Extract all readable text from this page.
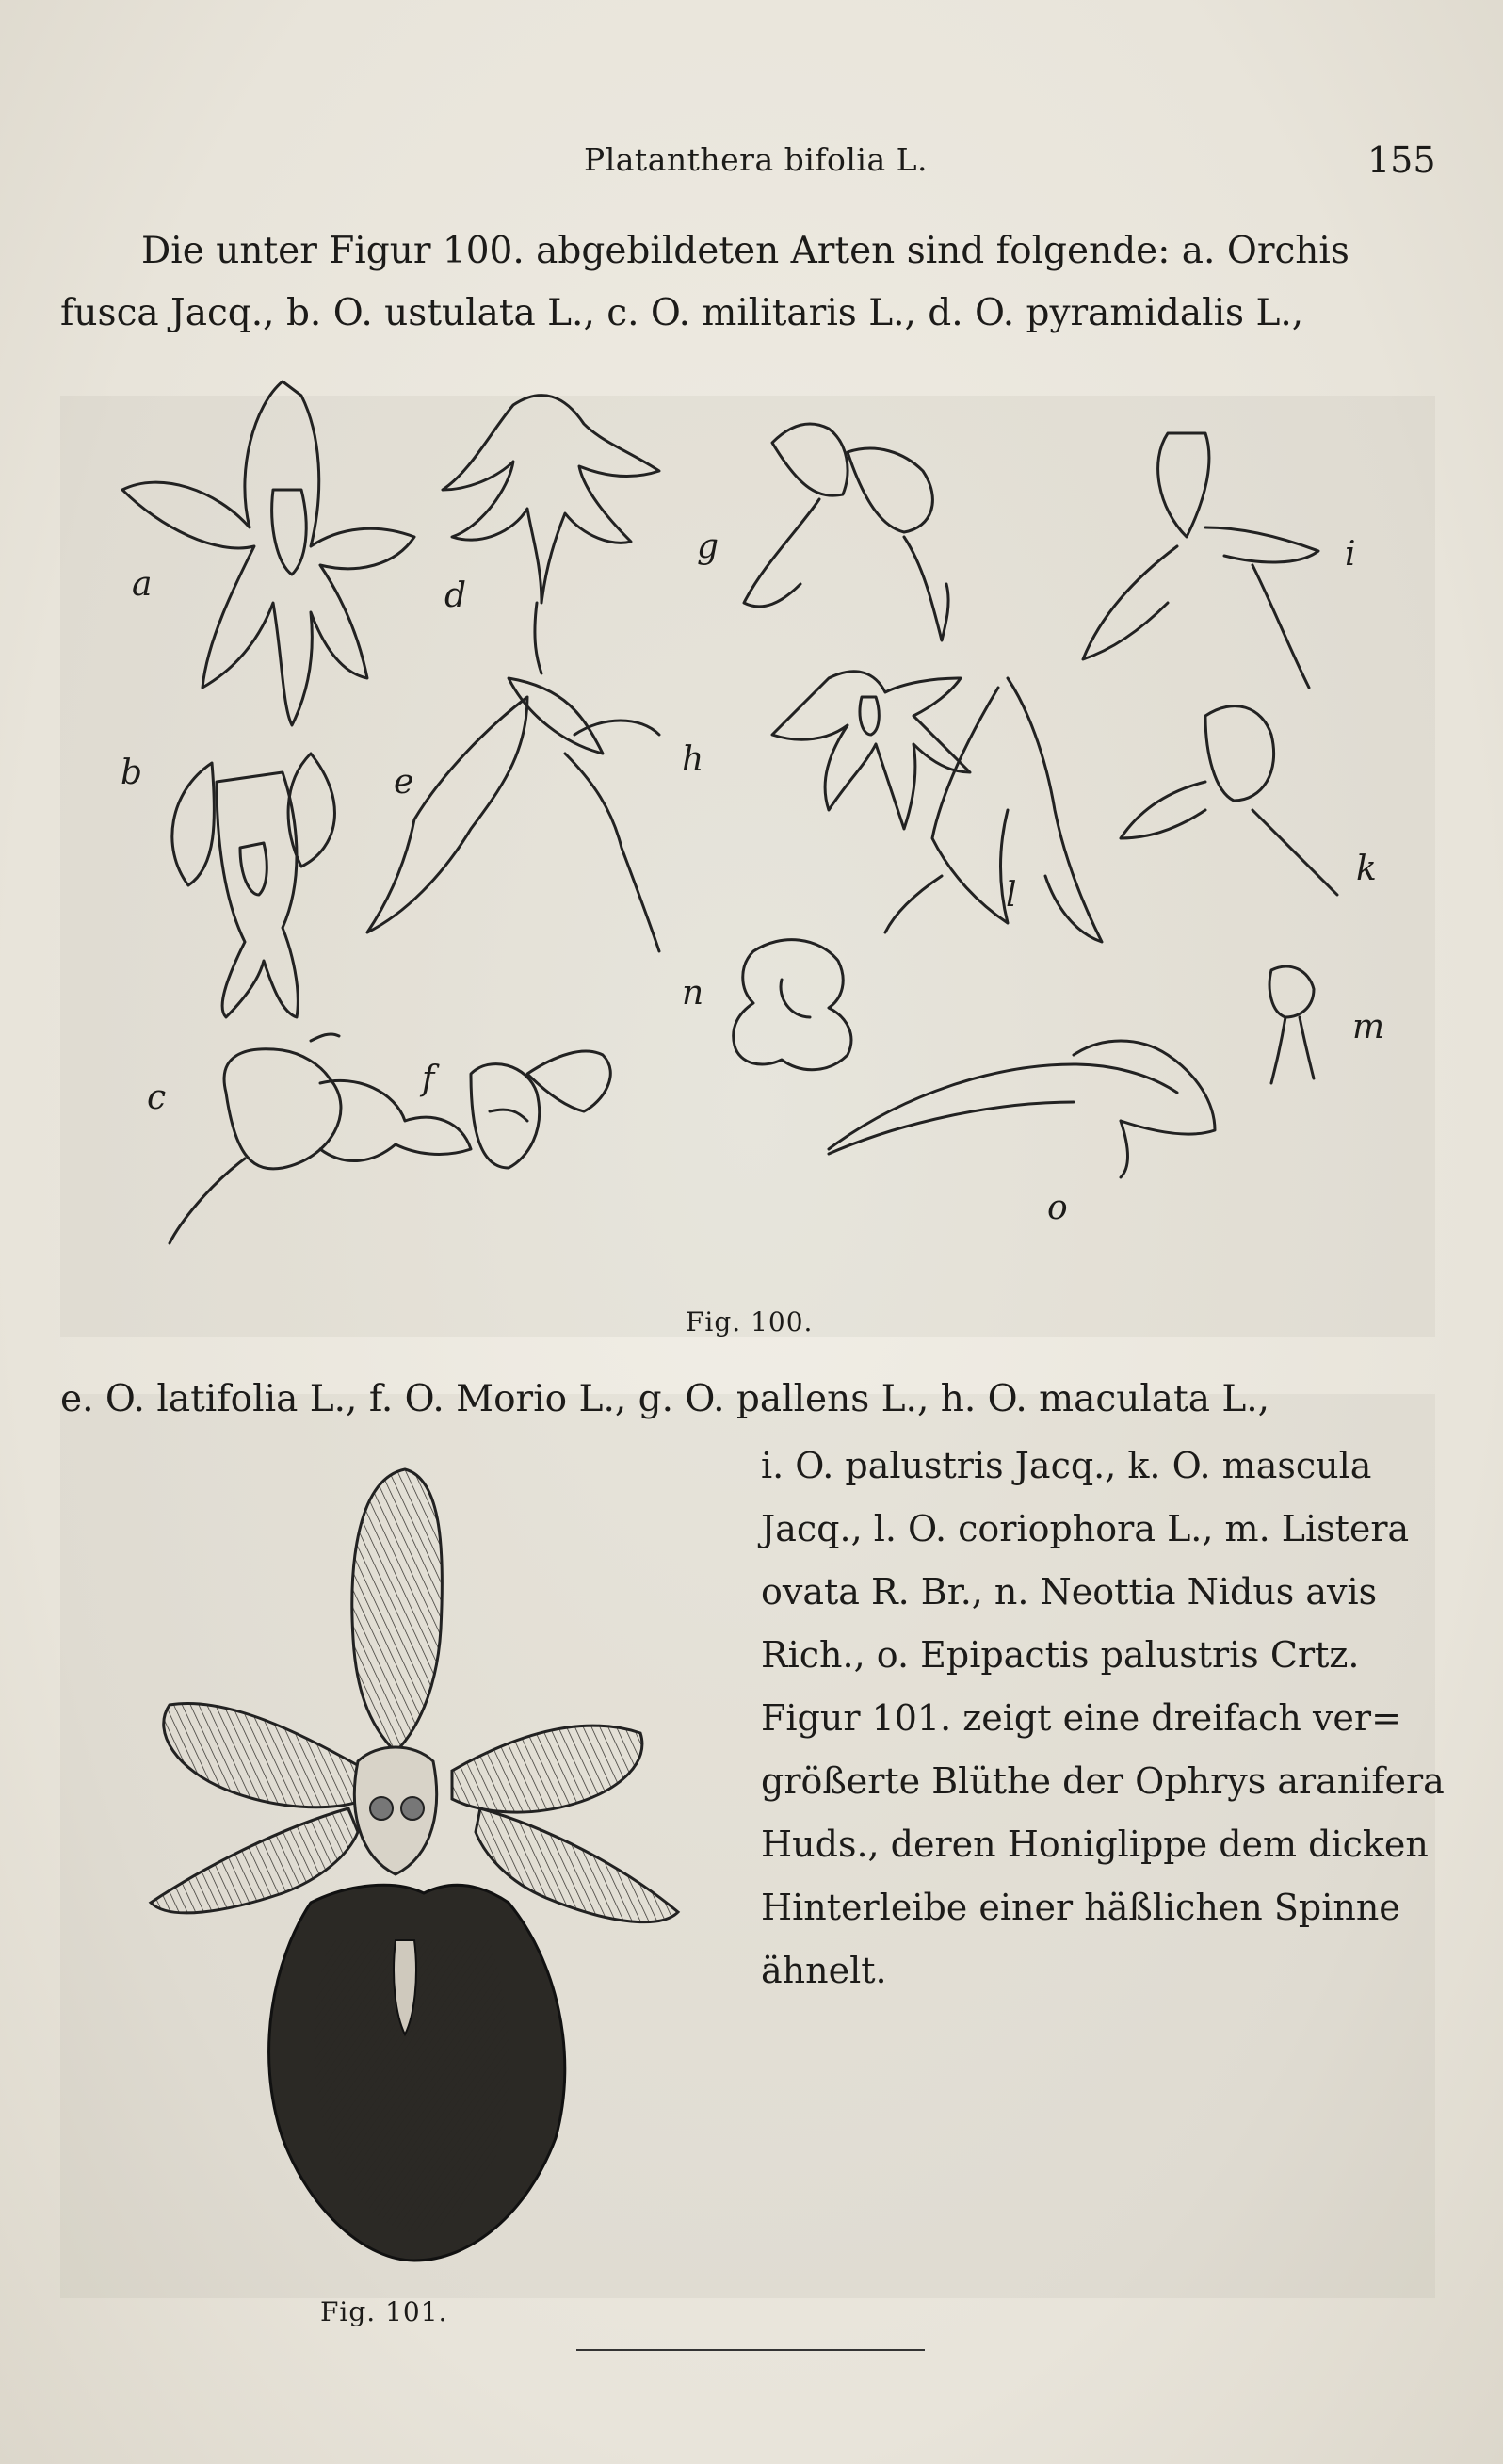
Platanthera bifolia L.	155
Die unter Figur 100. abgebildeten Arten sind folgende: a. Orchis
fusca Jacq., b. O. ustulata L., c. O. militaris L., d. O. pyramidalis L.,
a
b
c
d
e
f
g
h
i
k
l
m
n
o
Fig. 100.
e. O. latifolia L., f. O. Morio L., g. O. pallens L., h. O. maculata L.,
Fig. 101.
i. O. palustris Jacq., k. O. mascula
Jacq., l. O. coriophora L., m. Listera
ovata R. Br., n. Neottia Nidus avis
Rich., o. Epipactis palustris Crtz.
Figur 101. zeigt eine dreifach ver=
größerte Blüthe der Ophrys aranifera
Huds., deren Honiglippe dem dicken
Hinterleibe einer häßlichen Spinne
ähnelt.
